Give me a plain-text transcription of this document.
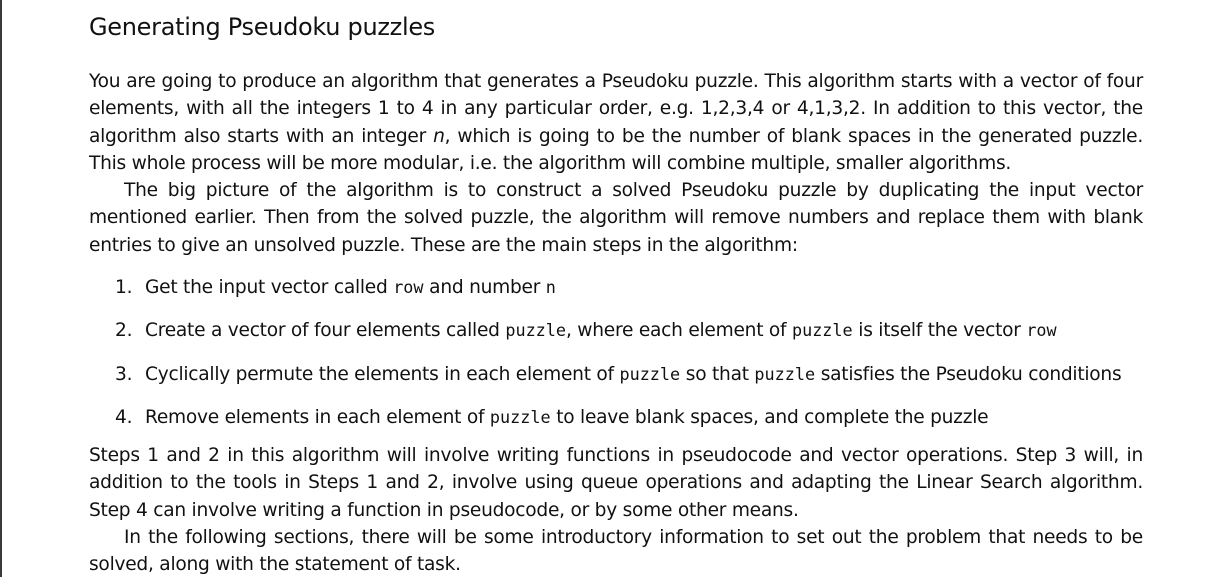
Generating Pseudoku puzzles

You are going to produce an algorithm that generates a Pseudoku puzzle. This algorithm starts with a vector of four elements, with all the integers 1 to 4 in any particular order, e.g. 1,2,3,4 or 4,1,3,2. In addition to this vector, the algorithm also starts with an integer n, which is going to be the number of blank spaces in the generated puzzle. This whole process will be more modular, i.e. the algorithm will combine multiple, smaller algorithms.

The big picture of the algorithm is to construct a solved Pseudoku puzzle by duplicating the input vector mentioned earlier. Then from the solved puzzle, the algorithm will remove numbers and replace them with blank entries to give an unsolved puzzle. These are the main steps in the algorithm:

1. Get the input vector called row and number n
2. Create a vector of four elements called puzzle, where each element of puzzle is itself the vector row
3. Cyclically permute the elements in each element of puzzle so that puzzle satisfies the Pseudoku conditions
4. Remove elements in each element of puzzle to leave blank spaces, and complete the puzzle

Steps 1 and 2 in this algorithm will involve writing functions in pseudocode and vector operations. Step 3 will, in addition to the tools in Steps 1 and 2, involve using queue operations and adapting the Linear Search algorithm. Step 4 can involve writing a function in pseudocode, or by some other means.

In the following sections, there will be some introductory information to set out the problem that needs to be solved, along with the statement of task.
